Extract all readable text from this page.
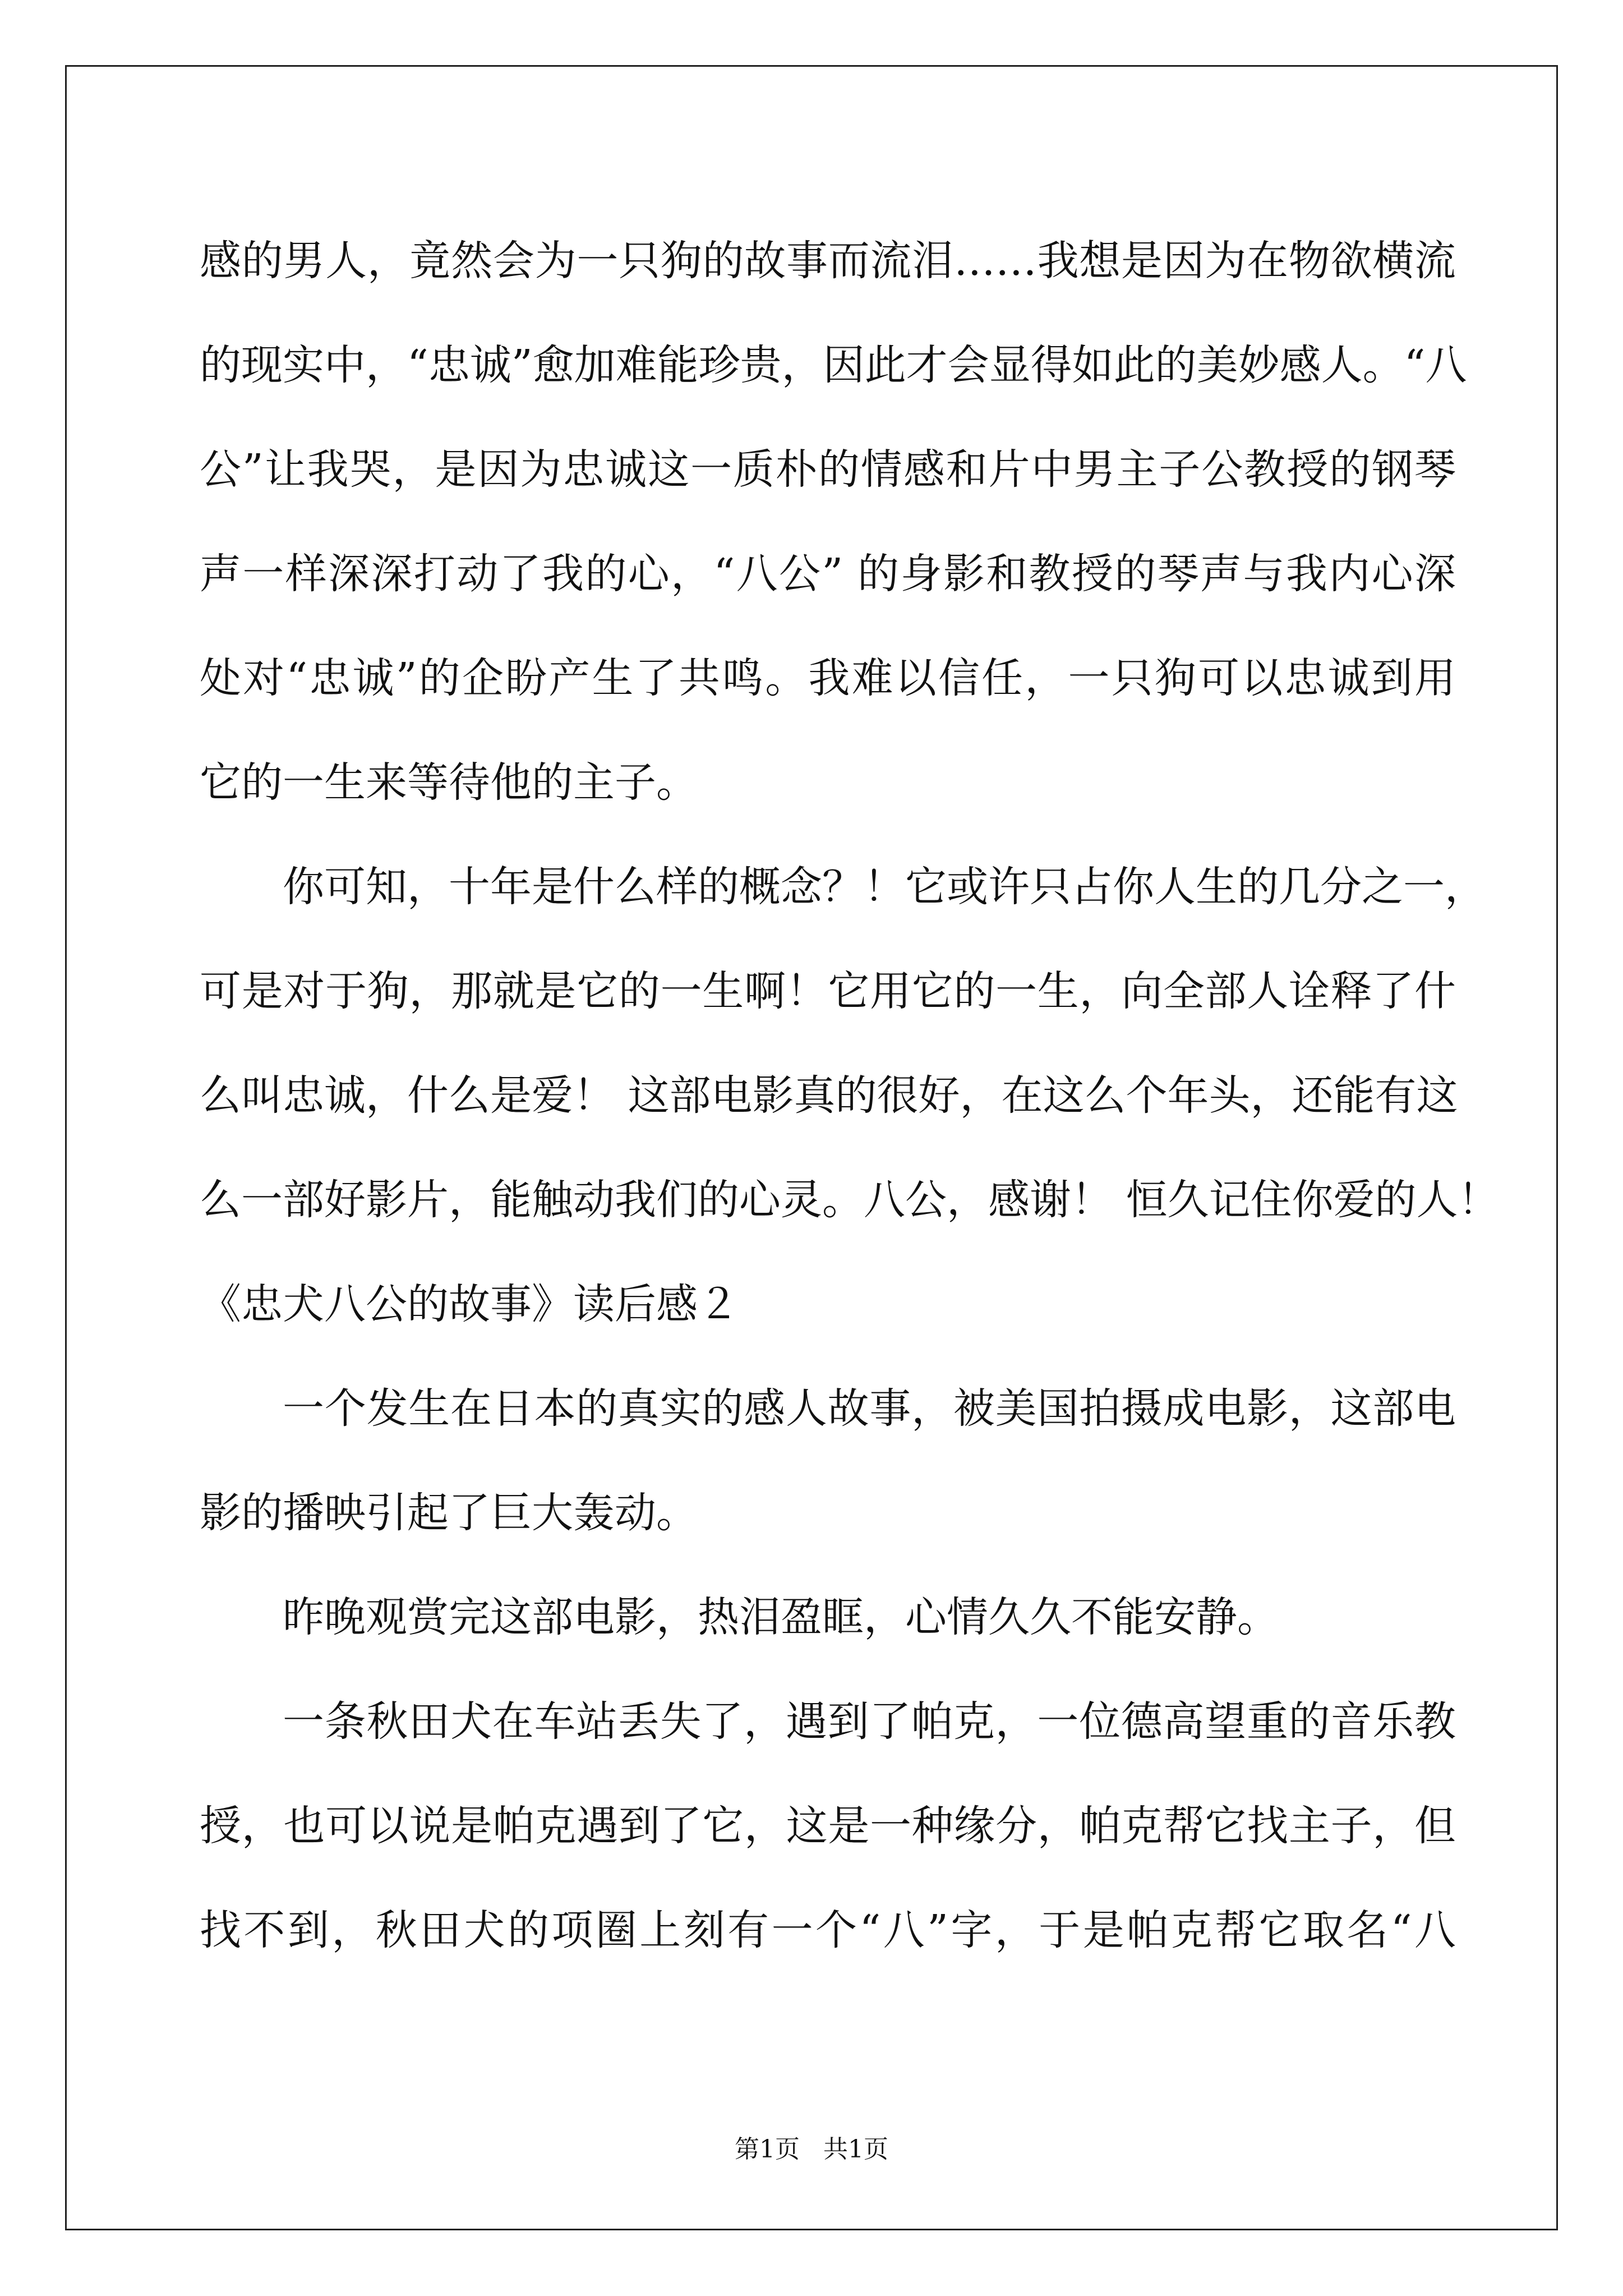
感的男人，竟然会为一只狗的故事而流泪……我想是因为在物欲横流
的现实中，“忠诚”愈加难能珍贵，因此才会显得如此的美妙感人。“八
公”让我哭，是因为忠诚这一质朴的情感和片中男主子公教授的钢琴
声一样深深打动了我的心，“八公” 的身影和教授的琴声与我内心深
处对“忠诚”的企盼产生了共鸣。我难以信任，一只狗可以忠诚到用
它的一生来等待他的主子。
你可知，十年是什么样的概念？！它或许只占你人生的几分之一，
可是对于狗，那就是它的一生啊！它用它的一生，向全部人诠释了什
么叫忠诚，什么是爱！ 这部电影真的很好，在这么个年头，还能有这
么一部好影片，能触动我们的心灵。八公，感谢！ 恒久记住你爱的人！
《忠犬八公的故事》读后感２
一个发生在日本的真实的感人故事，被美国拍摄成电影，这部电
影的播映引起了巨大轰动。
昨晚观赏完这部电影，热泪盈眶，心情久久不能安静。
一条秋田犬在车站丢失了，遇到了帕克，一位德高望重的音乐教
授，也可以说是帕克遇到了它，这是一种缘分，帕克帮它找主子，但
找不到，秋田犬的项圈上刻有一个“八”字，于是帕克帮它取名“八
第1页   共1页
